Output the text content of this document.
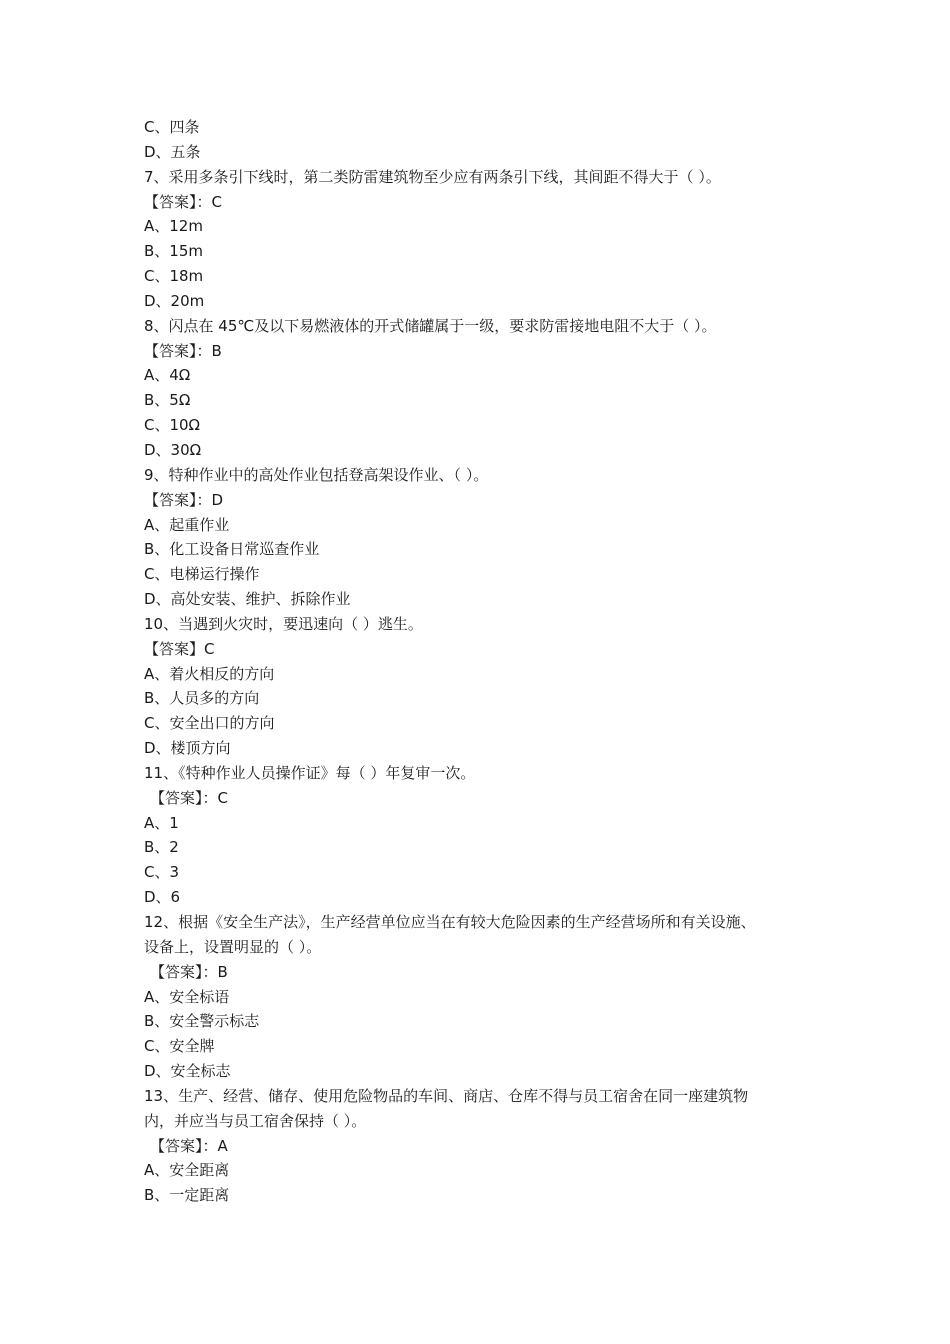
C、四条
D、五条
7、采用多条引下线时，第二类防雷建筑物至少应有两条引下线，其间距不得大于（ ）。
【答案】：C
A、12m
B、15m
C、18m
D、20m
8、闪点在 45℃及以下易燃液体的开式储罐属于一级，要求防雷接地电阻不大于（ ）。
【答案】：B
A、4Ω
B、5Ω
C、10Ω
D、30Ω
9、特种作业中的高处作业包括登高架设作业、（ ）。
【答案】：D
A、起重作业
B、化工设备日常巡查作业
C、电梯运行操作
D、高处安装、维护、拆除作业
10、当遇到火灾时，要迅速向（ ）逃生。
【答案】C
A、着火相反的方向
B、人员多的方向
C、安全出口的方向
D、楼顶方向
11、《特种作业人员操作证》每（ ）年复审一次。
【答案】：C
A、1
B、2
C、3
D、6
12、根据《安全生产法》，生产经营单位应当在有较大危险因素的生产经营场所和有关设施、
设备上，设置明显的（ ）。
【答案】：B
A、安全标语
B、安全警示标志
C、安全牌
D、安全标志
13、生产、经营、储存、使用危险物品的车间、商店、仓库不得与员工宿舍在同一座建筑物
内，并应当与员工宿舍保持（ ）。
【答案】：A
A、安全距离
B、一定距离
